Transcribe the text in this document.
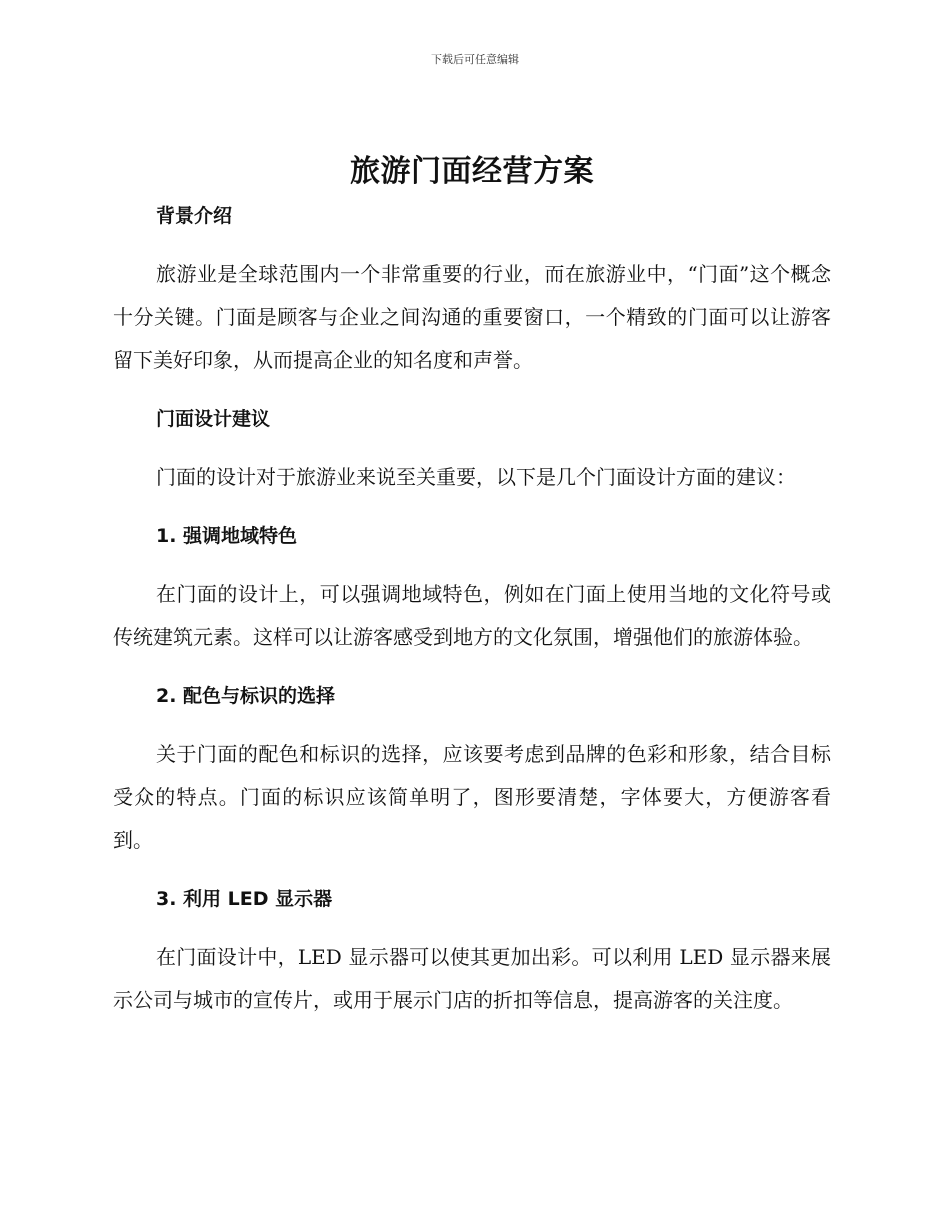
下载后可任意编辑
旅游门面经营方案
背景介绍

旅游业是全球范围内一个非常重要的行业，而在旅游业中，“门面”这个概念十分关键。门面是顾客与企业之间沟通的重要窗口，一个精致的门面可以让游客留下美好印象，从而提高企业的知名度和声誉。

门面设计建议

门面的设计对于旅游业来说至关重要，以下是几个门面设计方面的建议：

1. 强调地域特色

在门面的设计上，可以强调地域特色，例如在门面上使用当地的文化符号或传统建筑元素。这样可以让游客感受到地方的文化氛围，增强他们的旅游体验。

2. 配色与标识的选择

关于门面的配色和标识的选择，应该要考虑到品牌的色彩和形象，结合目标受众的特点。门面的标识应该简单明了，图形要清楚，字体要大，方便游客看到。

3. 利用 LED 显示器

在门面设计中，LED 显示器可以使其更加出彩。可以利用 LED 显示器来展示公司与城市的宣传片，或用于展示门店的折扣等信息，提高游客的关注度。
